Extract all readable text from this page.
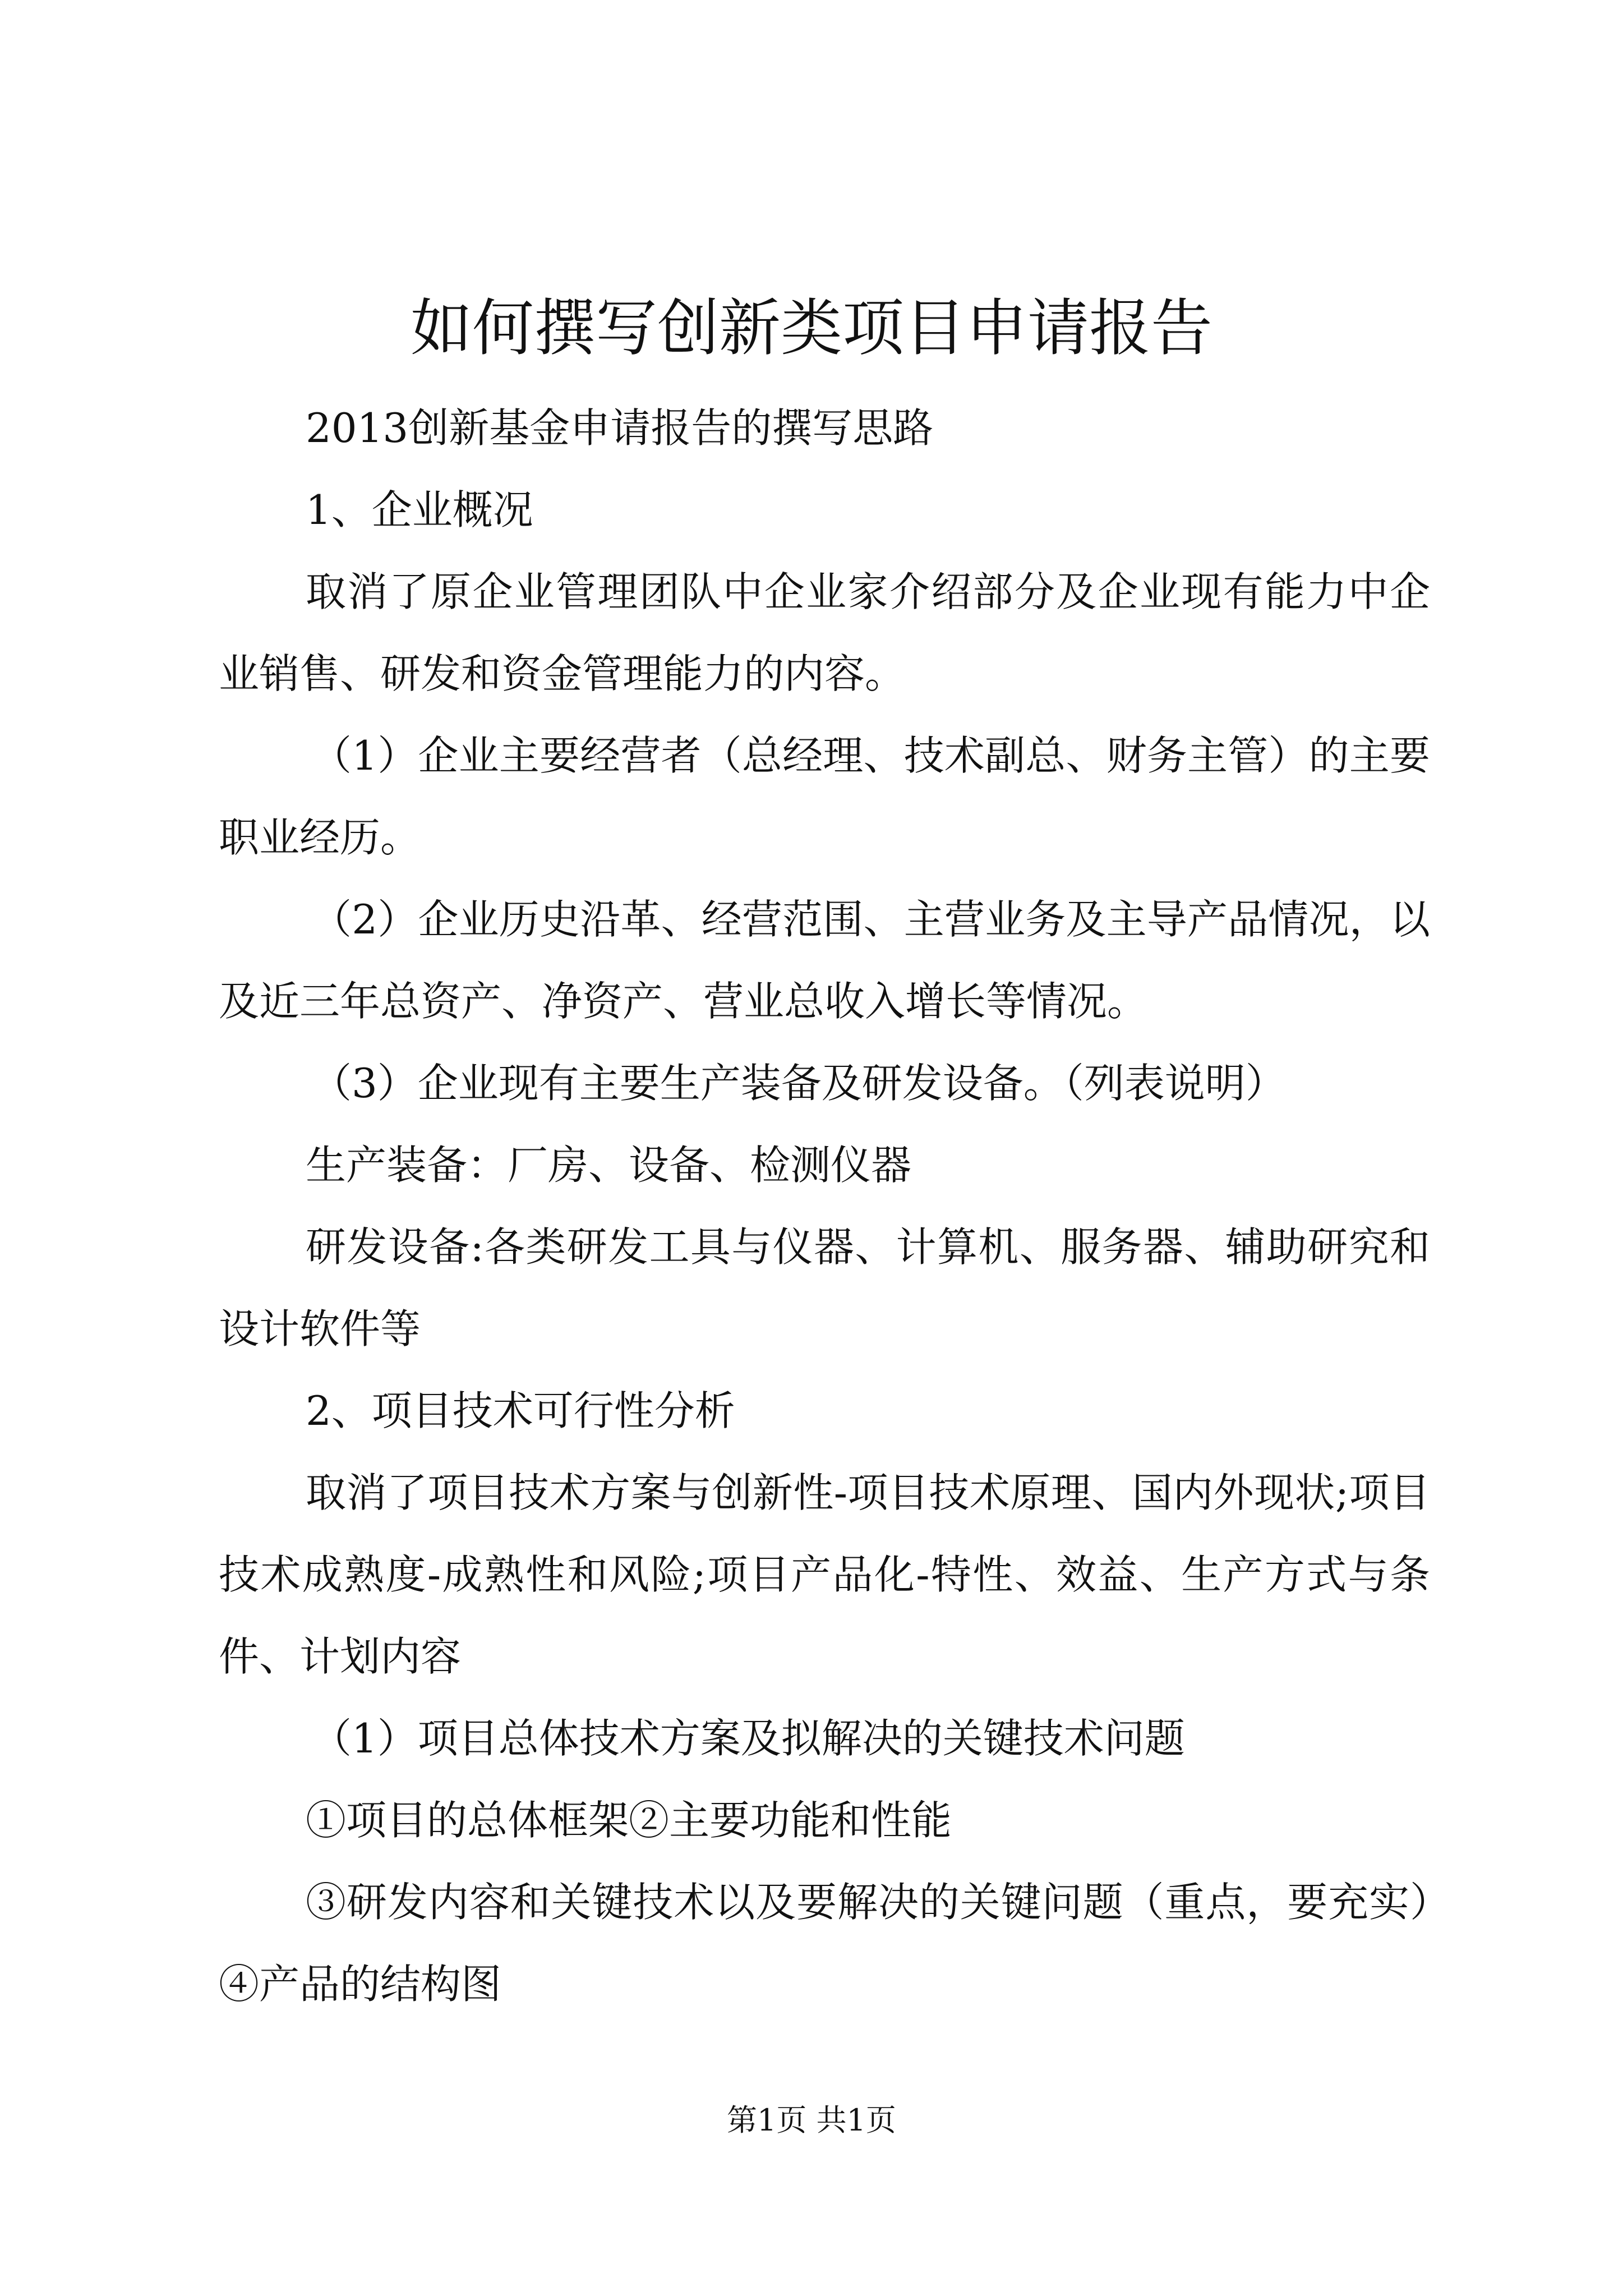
如何撰写创新类项目申请报告

2013创新基金申请报告的撰写思路

1、企业概况

取消了原企业管理团队中企业家介绍部分及企业现有能力中企业销售、研发和资金管理能力的内容。

（1）企业主要经营者（总经理、技术副总、财务主管）的主要职业经历。

（2）企业历史沿革、经营范围、主营业务及主导产品情况，以及近三年总资产、净资产、营业总收入增长等情况。

（3）企业现有主要生产装备及研发设备。（列表说明）

生产装备：厂房、设备、检测仪器

研发设备:各类研发工具与仪器、计算机、服务器、辅助研究和设计软件等

2、项目技术可行性分析

取消了项目技术方案与创新性-项目技术原理、国内外现状;项目技术成熟度-成熟性和风险;项目产品化-特性、效益、生产方式与条件、计划内容

（1）项目总体技术方案及拟解决的关键技术问题

①项目的总体框架②主要功能和性能

③研发内容和关键技术以及要解决的关键问题（重点，要充实）④产品的结构图

第1页 共1页
